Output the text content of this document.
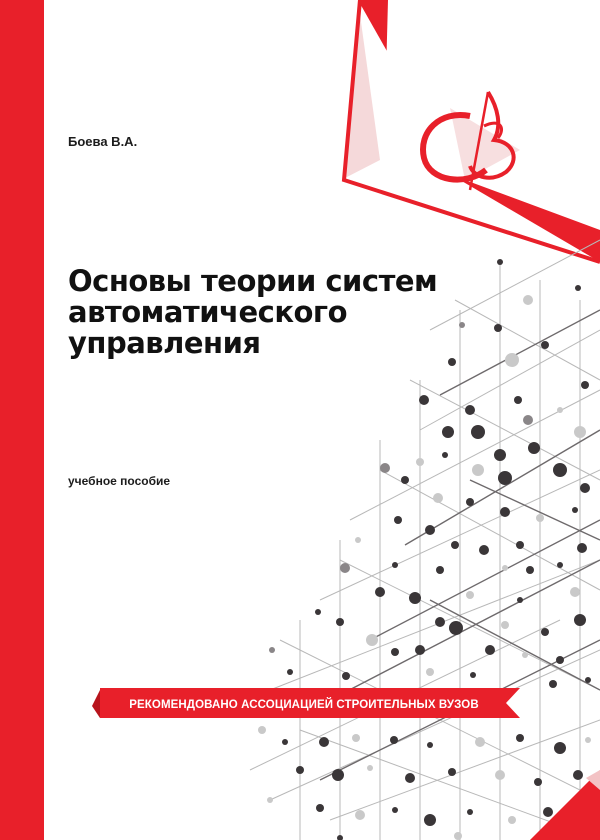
Боева В.А.
Основы теории систем
автоматического
управления
учебное пособие
РЕКОМЕНДОВАНО АССОЦИАЦИЕЙ СТРОИТЕЛЬНЫХ ВУЗОВ
